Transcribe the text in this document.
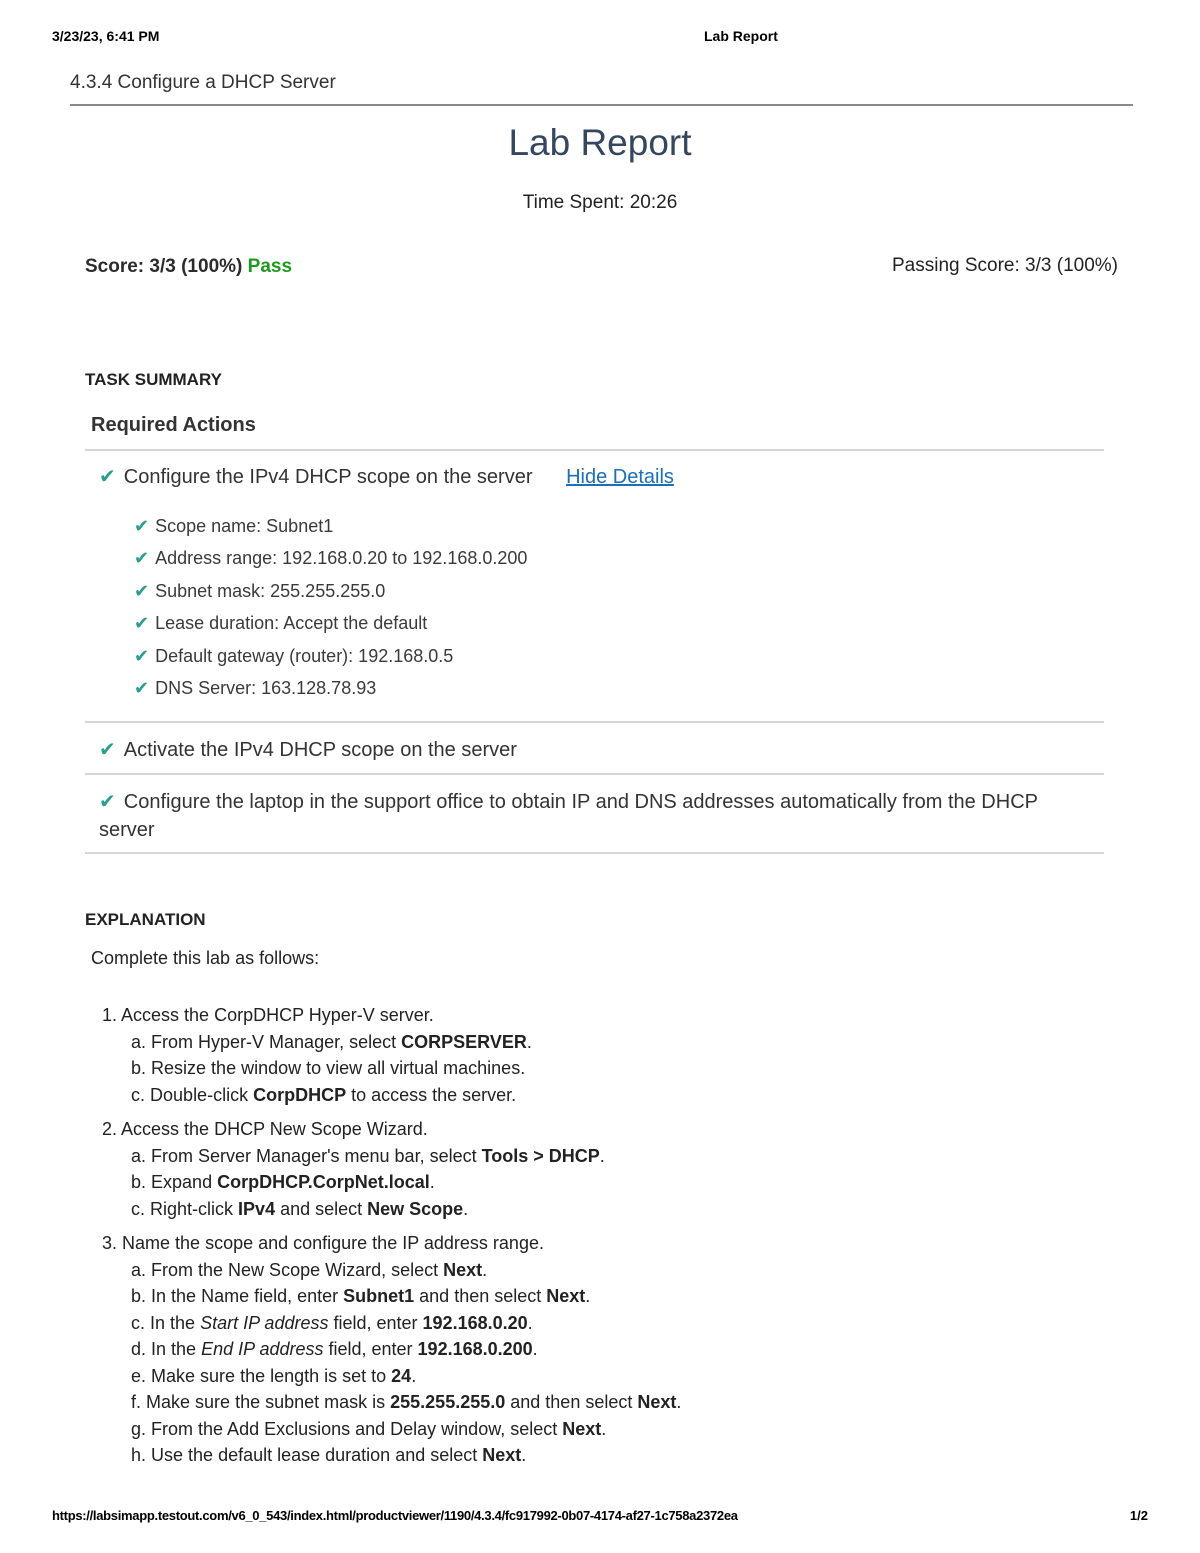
3/23/23, 6:41 PM	Lab Report
4.3.4 Configure a DHCP Server
Lab Report
Time Spent: 20:26
Score: 3/3 (100%) Pass	Passing Score: 3/3 (100%)
TASK SUMMARY
Required Actions
✔ Configure the IPv4 DHCP scope on the server Hide Details
✔ Scope name: Subnet1
✔ Address range: 192.168.0.20 to 192.168.0.200
✔ Subnet mask: 255.255.255.0
✔ Lease duration: Accept the default
✔ Default gateway (router): 192.168.0.5
✔ DNS Server: 163.128.78.93
✔ Activate the IPv4 DHCP scope on the server
✔ Configure the laptop in the support office to obtain IP and DNS addresses automatically from the DHCP server
EXPLANATION
Complete this lab as follows:
1. Access the CorpDHCP Hyper-V server.
a. From Hyper-V Manager, select CORPSERVER.
b. Resize the window to view all virtual machines.
c. Double-click CorpDHCP to access the server.
2. Access the DHCP New Scope Wizard.
a. From Server Manager's menu bar, select Tools > DHCP.
b. Expand CorpDHCP.CorpNet.local.
c. Right-click IPv4 and select New Scope.
3. Name the scope and configure the IP address range.
a. From the New Scope Wizard, select Next.
b. In the Name field, enter Subnet1 and then select Next.
c. In the Start IP address field, enter 192.168.0.20.
d. In the End IP address field, enter 192.168.0.200.
e. Make sure the length is set to 24.
f. Make sure the subnet mask is 255.255.255.0 and then select Next.
g. From the Add Exclusions and Delay window, select Next.
h. Use the default lease duration and select Next.
https://labsimapp.testout.com/v6_0_543/index.html/productviewer/1190/4.3.4/fc917992-0b07-4174-af27-1c758a2372ea	1/2
